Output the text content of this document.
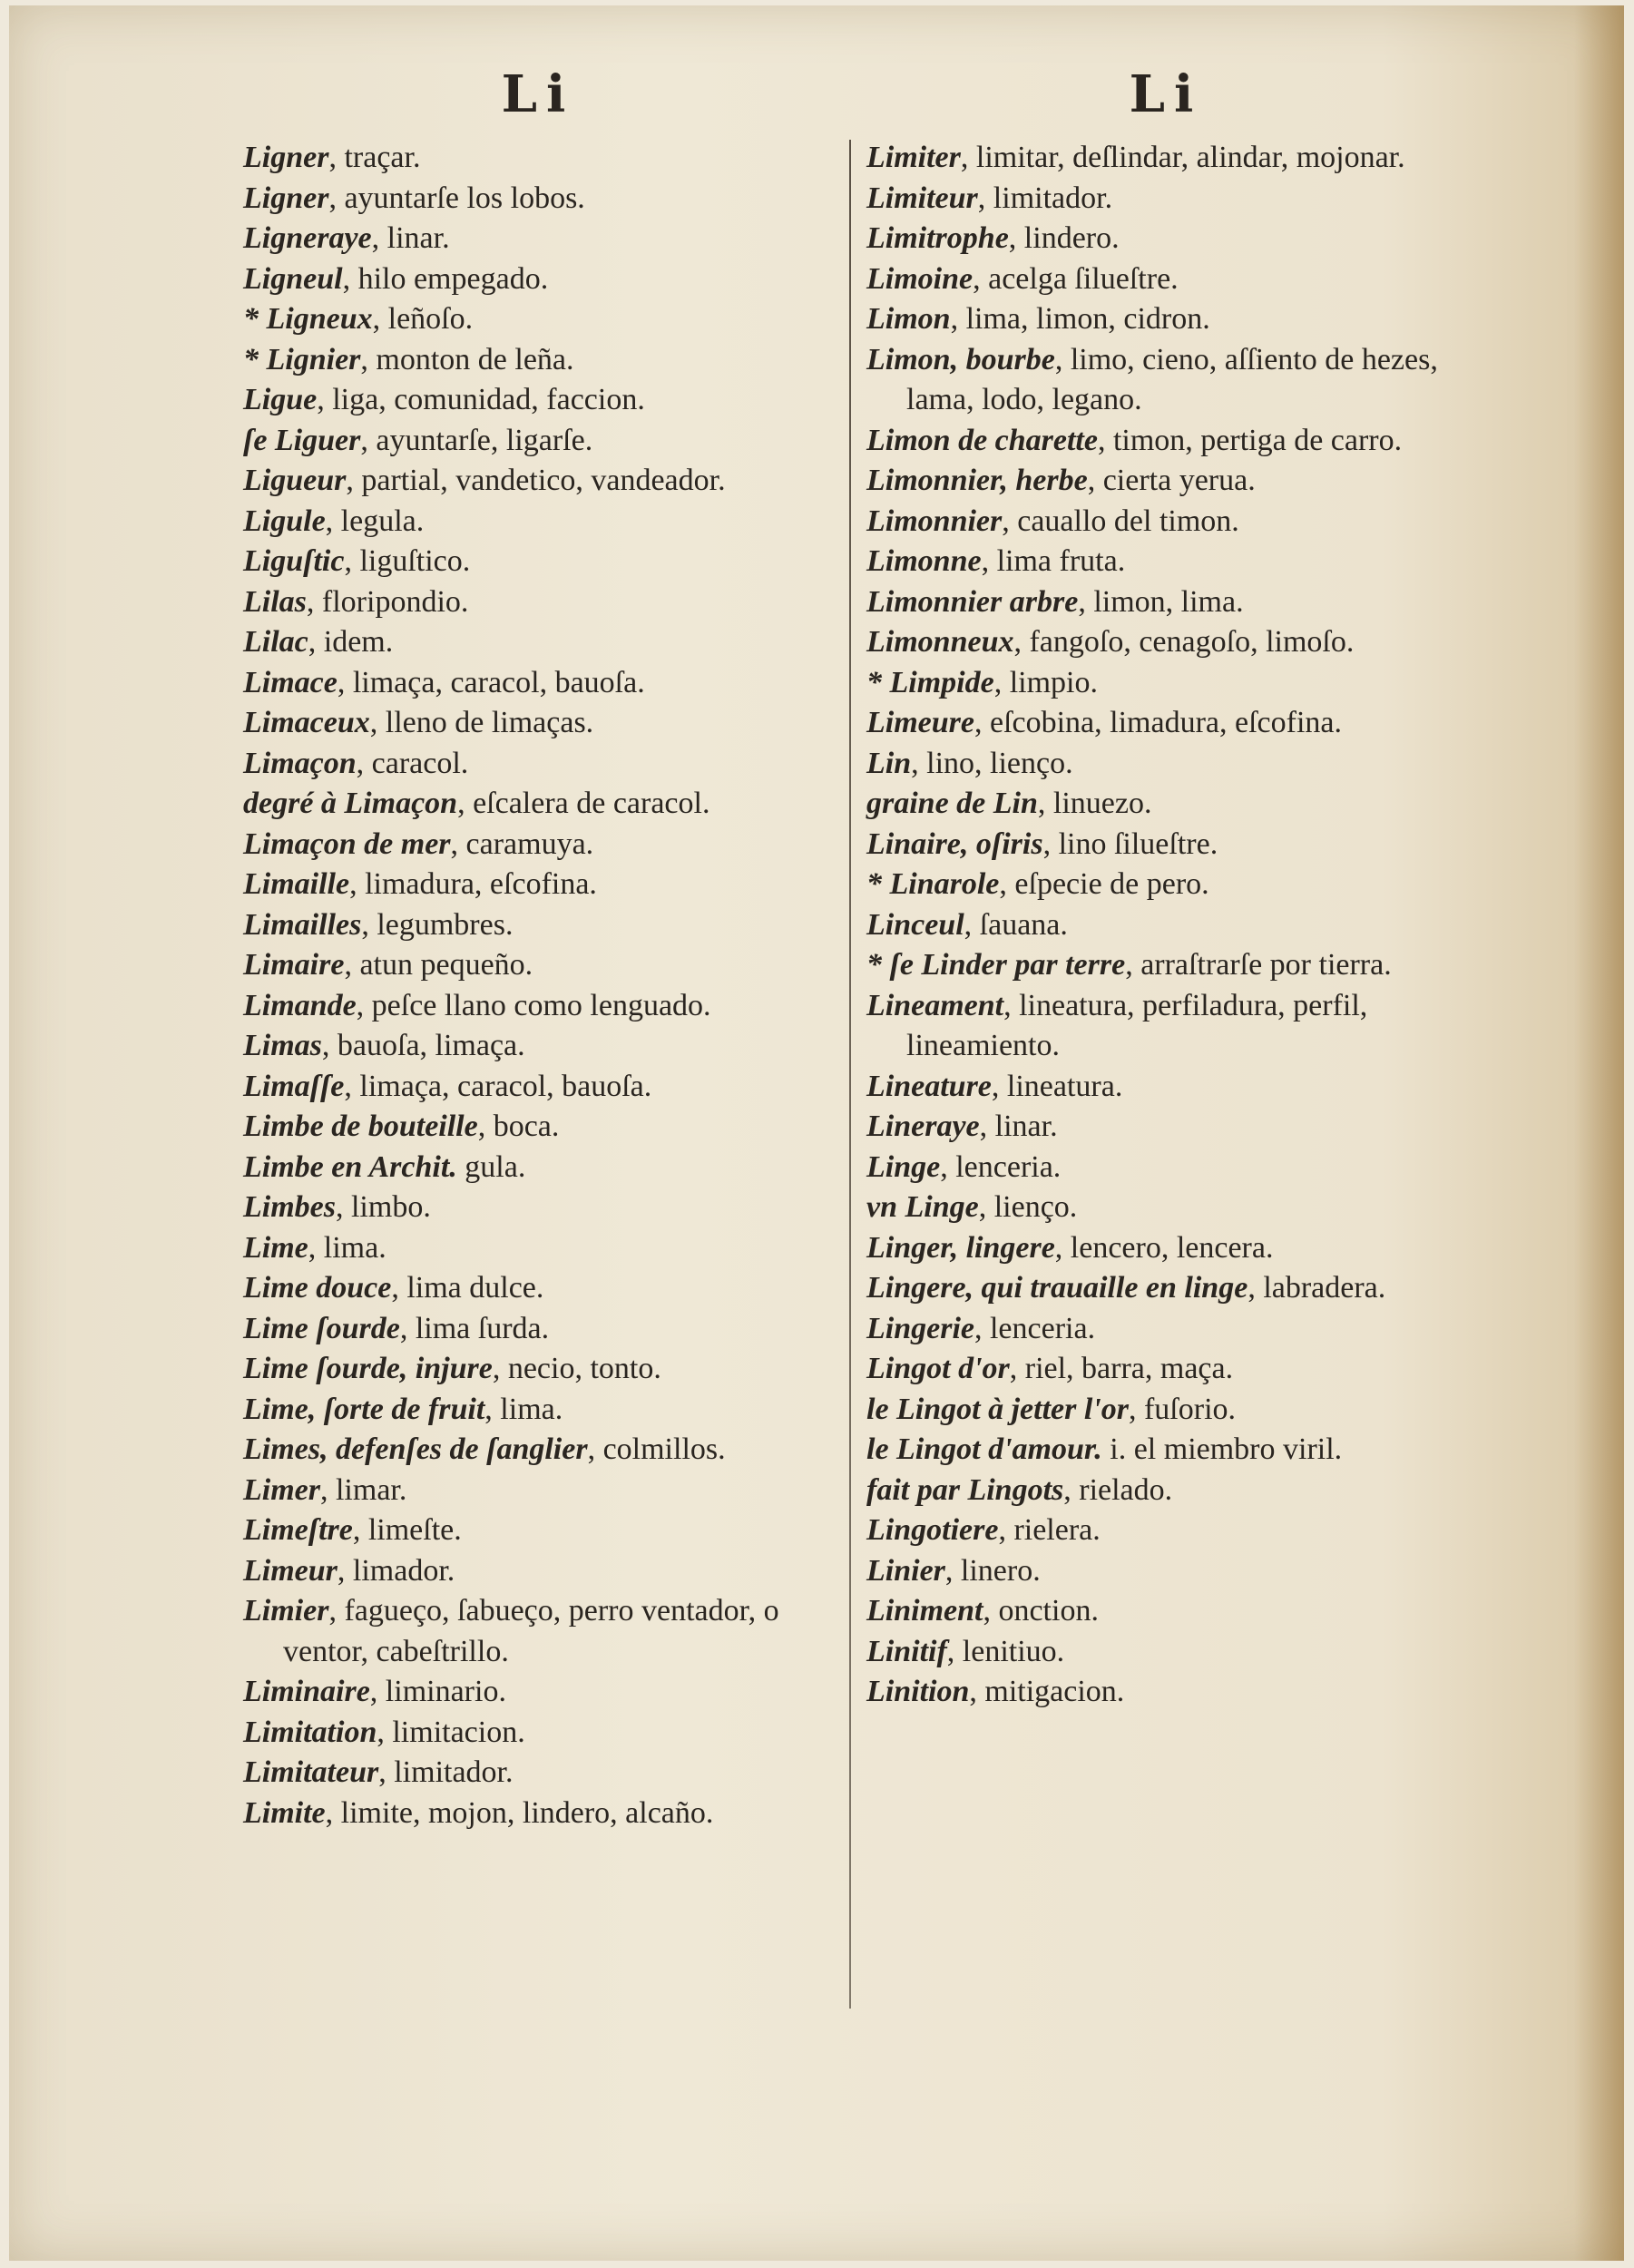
Li
Ligner, traçar.
Ligner, ayuntarſe los lobos.
Ligneraye, linar.
Ligneul, hilo empegado.
* Ligneux, leñoſo.
* Lignier, monton de leña.
Ligue, liga, comunidad, faccion.
ſe Liguer, ayuntarſe, ligarſe.
Ligueur, partial, vandetico, vandeador.
Ligule, legula.
Liguſtic, liguſtico.
Lilas, floripondio.
Lilac, idem.
Limace, limaça, caracol, bauoſa.
Limaceux, lleno de limaças.
Limaçon, caracol.
degré à Limaçon, eſcalera de caracol.
Limaçon de mer, caramuya.
Limaille, limadura, eſcofina.
Limailles, legumbres.
Limaire, atun pequeño.
Limande, peſce llano como lenguado.
Limas, bauoſa, limaça.
Limaſſe, limaça, caracol, bauoſa.
Limbe de bouteille, boca.
Limbe en Archit. gula.
Limbes, limbo.
Lime, lima.
Lime douce, lima dulce.
Lime ſourde, lima ſurda.
Lime ſourde, injure, necio, tonto.
Lime, ſorte de fruit, lima.
Limes, defenſes de ſanglier, colmillos.
Limer, limar.
Limeſtre, limeſte.
Limeur, limador.
Limier, fagueço, ſabueço, perro ventador, o ventor, cabeſtrillo.
Liminaire, liminario.
Limitation, limitacion.
Limitateur, limitador.
Limite, limite, mojon, lindero, alcaño.
Li
Limiter, limitar, deſlindar, alindar, mojonar.
Limiteur, limitador.
Limitrophe, lindero.
Limoine, acelga ſilueſtre.
Limon, lima, limon, cidron.
Limon, bourbe, limo, cieno, aſſiento de hezes, lama, lodo, legano.
Limon de charette, timon, pertiga de carro.
Limonnier, herbe, cierta yerua.
Limonnier, cauallo del timon.
Limonne, lima fruta.
Limonnier arbre, limon, lima.
Limonneux, fangoſo, cenagoſo, limoſo.
* Limpide, limpio.
Limeure, eſcobina, limadura, eſcofina.
Lin, lino, lienço.
graine de Lin, linuezo.
Linaire, oſiris, lino ſilueſtre.
* Linarole, eſpecie de pero.
Linceul, ſauana.
* ſe Linder par terre, arraſtrarſe por tierra.
Lineament, lineatura, perfiladura, perfil, lineamiento.
Lineature, lineatura.
Lineraye, linar.
Linge, lenceria.
vn Linge, lienço.
Linger, lingere, lencero, lencera.
Lingere, qui trauaille en linge, labradera.
Lingerie, lenceria.
Lingot d'or, riel, barra, maça.
le Lingot à jetter l'or, fuſorio.
le Lingot d'amour. i. el miembro viril.
fait par Lingots, rielado.
Lingotiere, rielera.
Linier, linero.
Liniment, onction.
Linitif, lenitiuo.
Linition, mitigacion.
